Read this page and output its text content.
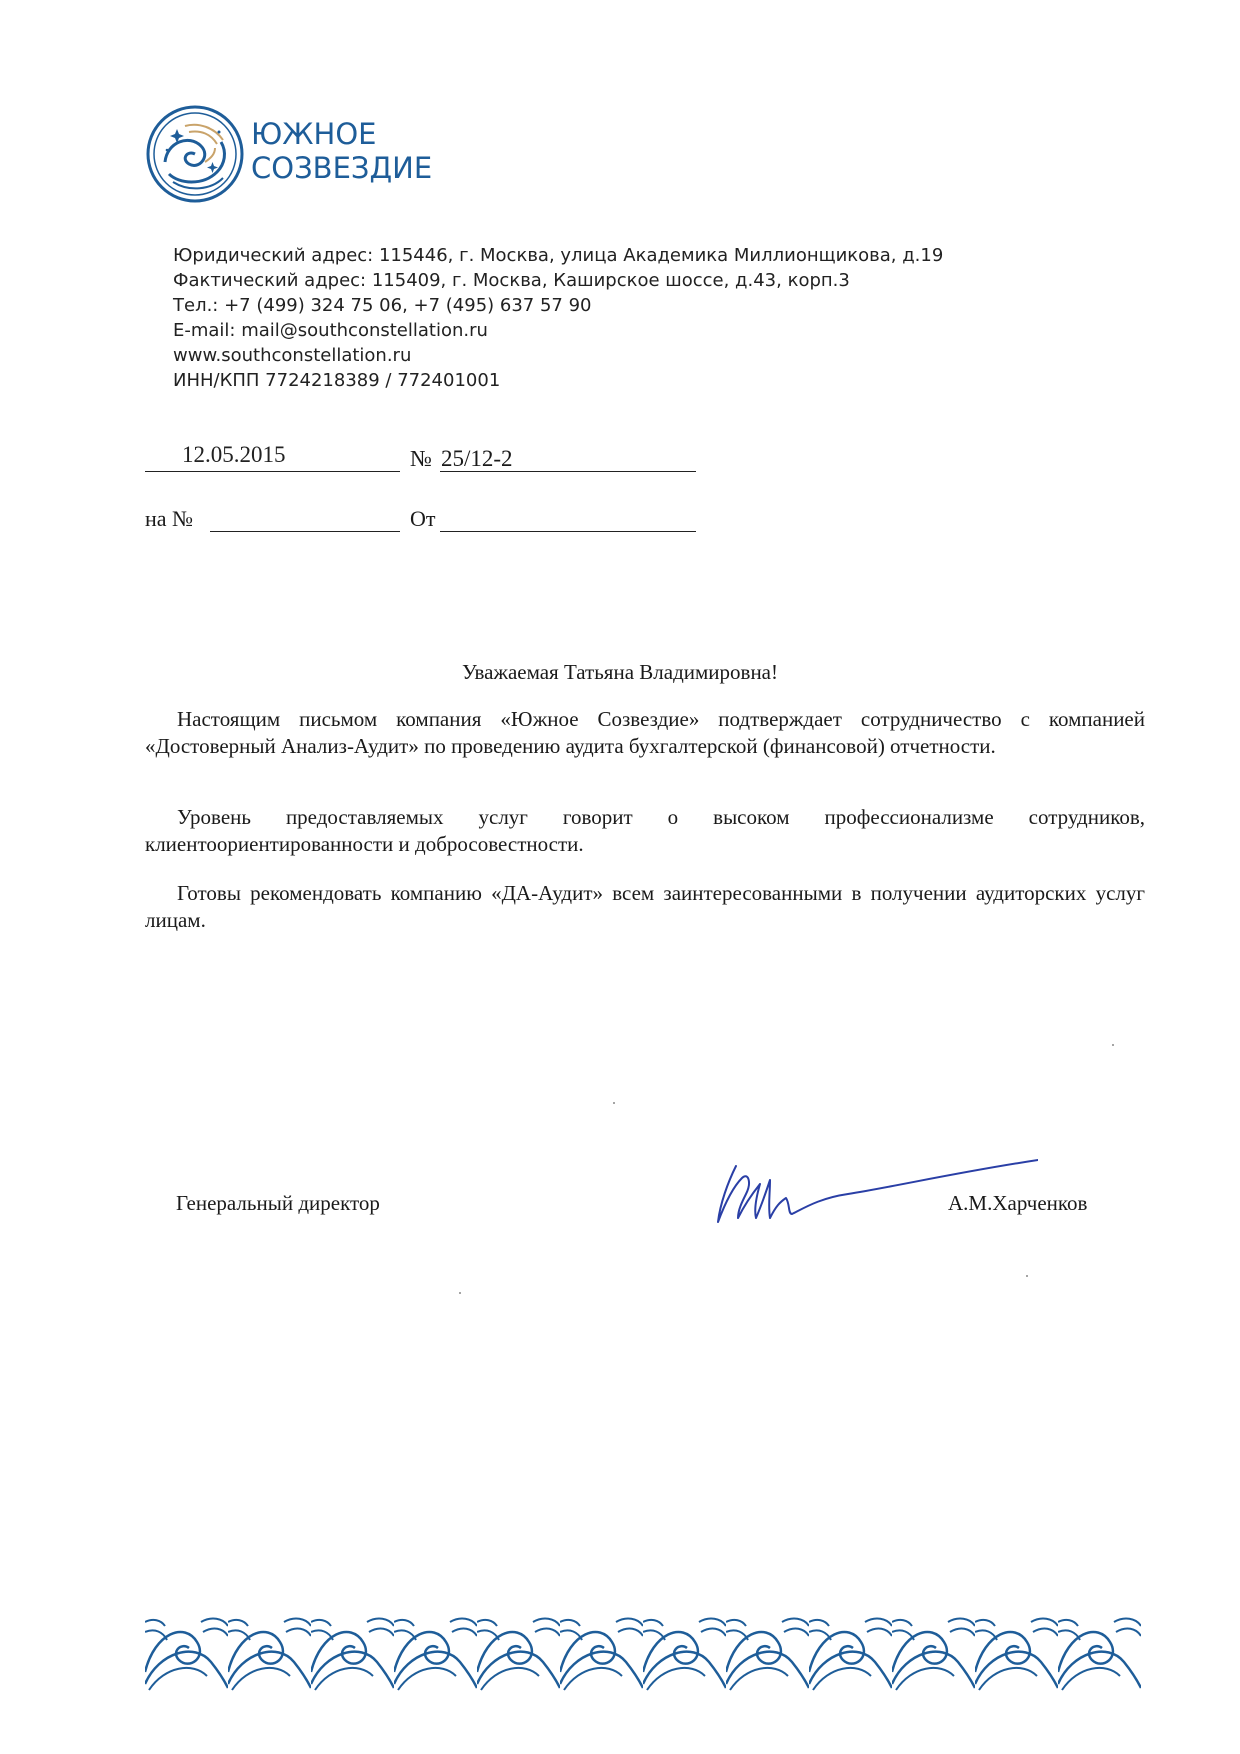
ЮЖНОЕ
СОЗВЕЗДИЕ
Юридический адрес: 115446, г. Москва, улица Академика Миллионщикова, д.19
Фактический адрес: 115409, г. Москва, Каширское шоссе, д.43, корп.3
Тел.: +7 (499) 324 75 06, +7 (495) 637 57 90
E-mail: mail@southconstellation.ru
www.southconstellation.ru
ИНН/КПП 7724218389 / 772401001
12.05.2015	№ 25/12-2
на №	От
Уважаемая Татьяна Владимировна!

Настоящим письмом компания «Южное Созвездие» подтверждает сотрудничество с компанией «Достоверный Анализ-Аудит» по проведению аудита бухгалтерской (финансовой) отчетности.

Уровень предоставляемых услуг говорит о высоком профессионализме сотрудников, клиентоориентированности и добросовестности.

Готовы рекомендовать компанию «ДА-Аудит» всем заинтересованными в получении аудиторских услуг лицам.

Генеральный директор	А.М.Харченков
